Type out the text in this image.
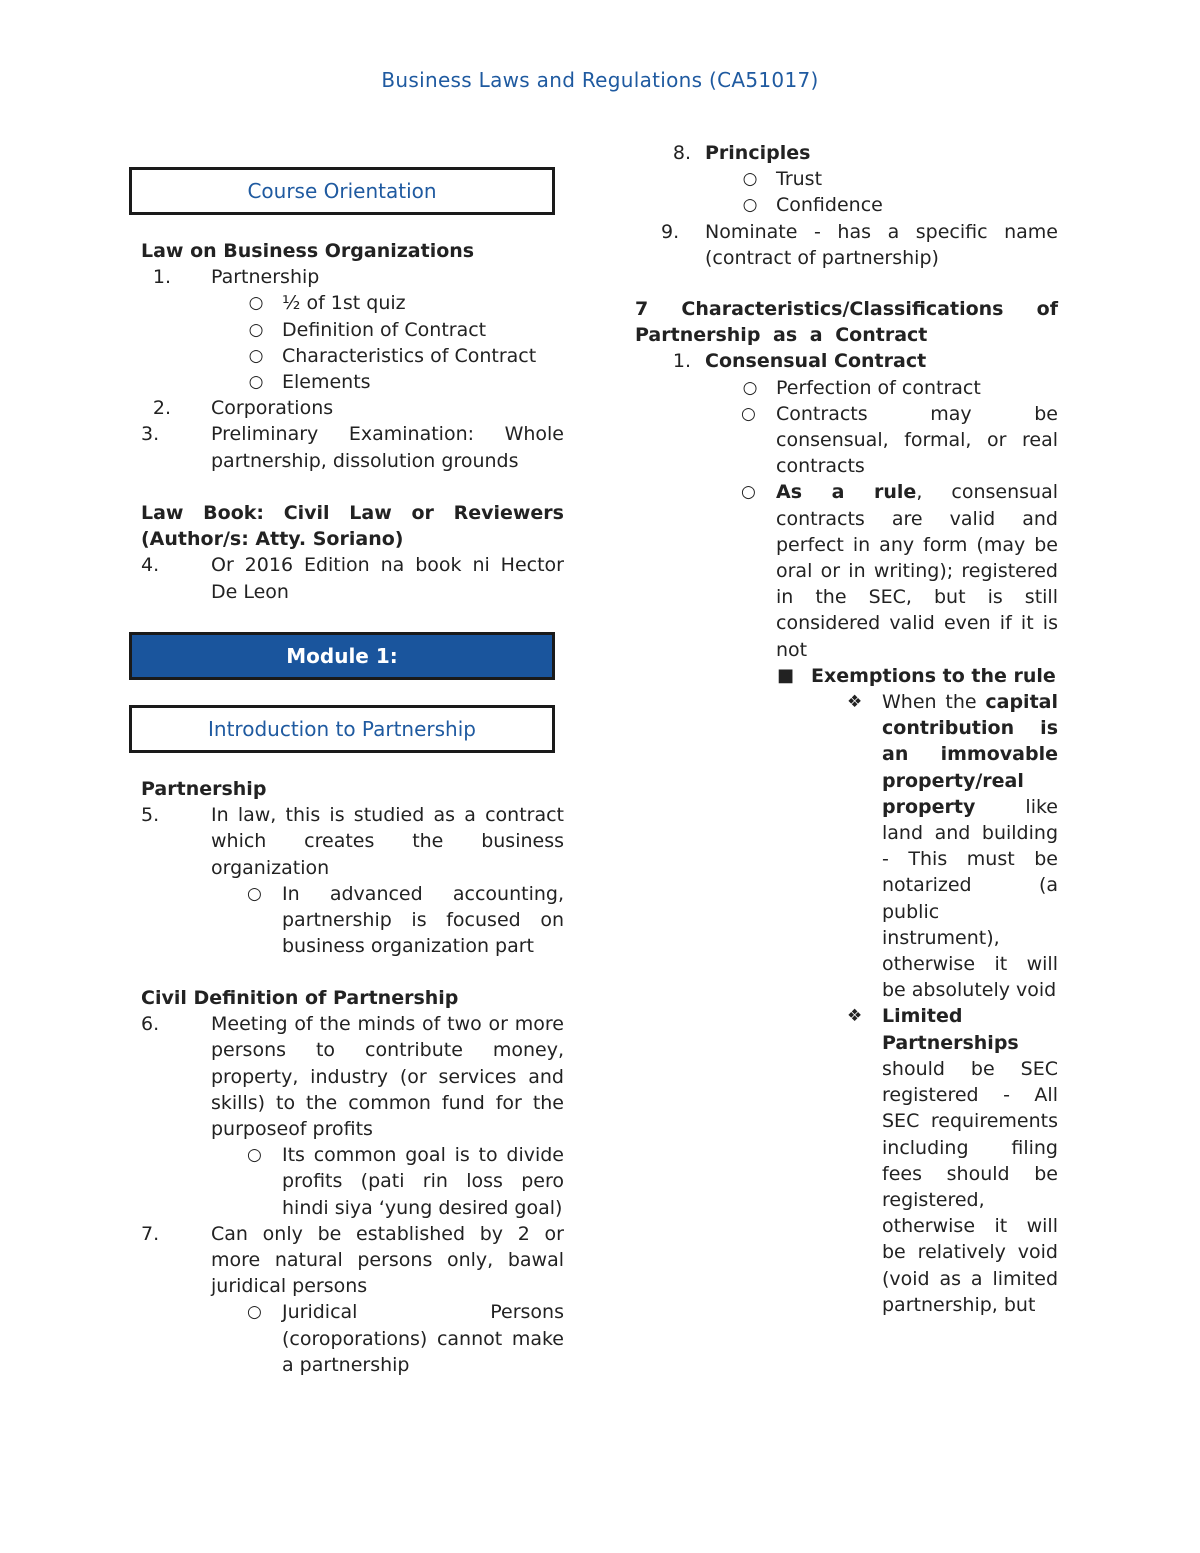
Business Laws and Regulations (CA51017)
Course Orientation
Law on Business Organizations
1. Partnership
○ ½ of 1st quiz
○ Definition of Contract
○ Characteristics of Contract
○ Elements
2. Corporations
3.	Preliminary Examination: Whole partnership, dissolution grounds
Law Book: Civil Law or Reviewers (Author/s: Atty. Soriano)
4.	Or 2016 Edition na book ni Hector De Leon
Module 1:
Introduction to Partnership
Partnership
5.	In law, this is studied as a contract which creates the business organization
○ In advanced accounting, partnership is focused on business organization part
Civil Definition of Partnership
6.	Meeting of the minds of two or more persons to contribute money, property, industry (or services and skills) to the common fund for the purposeof profits
○ Its common goal is to divide profits (pati rin loss pero hindi siya ‘yung desired goal)
7.	Can only be established by 2 or more natural persons only, bawal juridical persons
○ Juridical Persons (coroporations) cannot make a partnership
8. Principles
○ Trust
○ Confidence
9.	Nominate - has a specific name (contract of partnership)
7 Characteristics/Classifications of Partnership as a Contract
1. Consensual Contract
○ Perfection of contract
○ Contracts may be consensual, formal, or real contracts
○ As a rule, consensual contracts are valid and perfect in any form (may be oral or in writing); registered in the SEC, but is still considered valid even if it is not
■ Exemptions to the rule
❖ When the capital contribution is an immovable property/real property like land and building - This must be notarized (a public instrument), otherwise it will be absolutely void
❖ Limited Partnerships should be SEC registered - All SEC requirements including filing fees should be registered, otherwise it will be relatively void (void as a limited partnership, but
